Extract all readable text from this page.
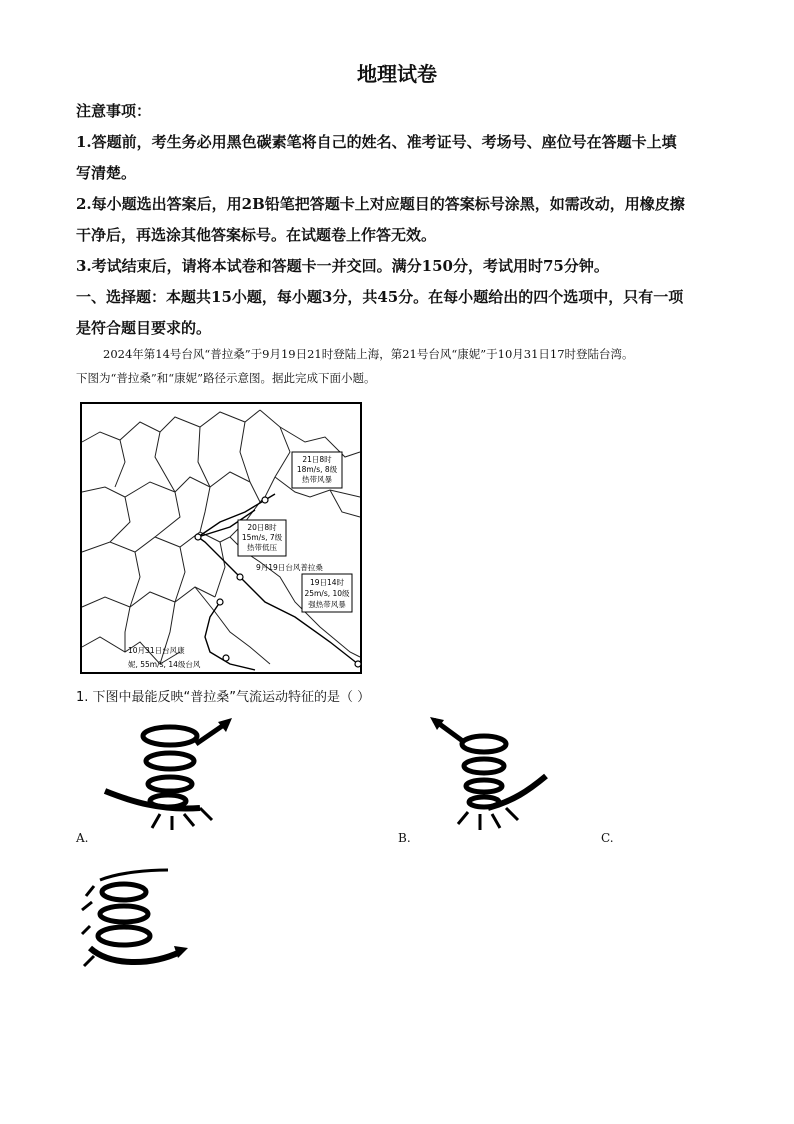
地理试卷
注意事项：
1.答题前，考生务必用黑色碳素笔将自己的姓名、准考证号、考场号、座位号在答题卡上填
写清楚。
2.每小题选出答案后，用2B铅笔把答题卡上对应题目的答案标号涂黑，如需改动，用橡皮擦
干净后，再选涂其他答案标号。在试题卷上作答无效。
3.考试结束后，请将本试卷和答题卡一并交回。满分150分，考试用时75分钟。
一、选择题：本题共15小题，每小题3分，共45分。在每小题给出的四个选项中，只有一项
是符合题目要求的。
2024年第14号台风“普拉桑”于9月19日21时登陆上海，第21号台风“康妮”于10月31日17时登陆台湾。
下图为“普拉桑”和“康妮”路径示意图。据此完成下面小题。
21日8时
18m/s, 8级
热带风暴
20日8时
15m/s, 7级
热带低压
9月19日台风普拉桑
19日14时
25m/s, 10级
强热带风暴
10月31日台风康
妮, 55m/s, 14级台风
1. 下图中最能反映“普拉桑”气流运动特征的是（ ）
A.	B.	C.
